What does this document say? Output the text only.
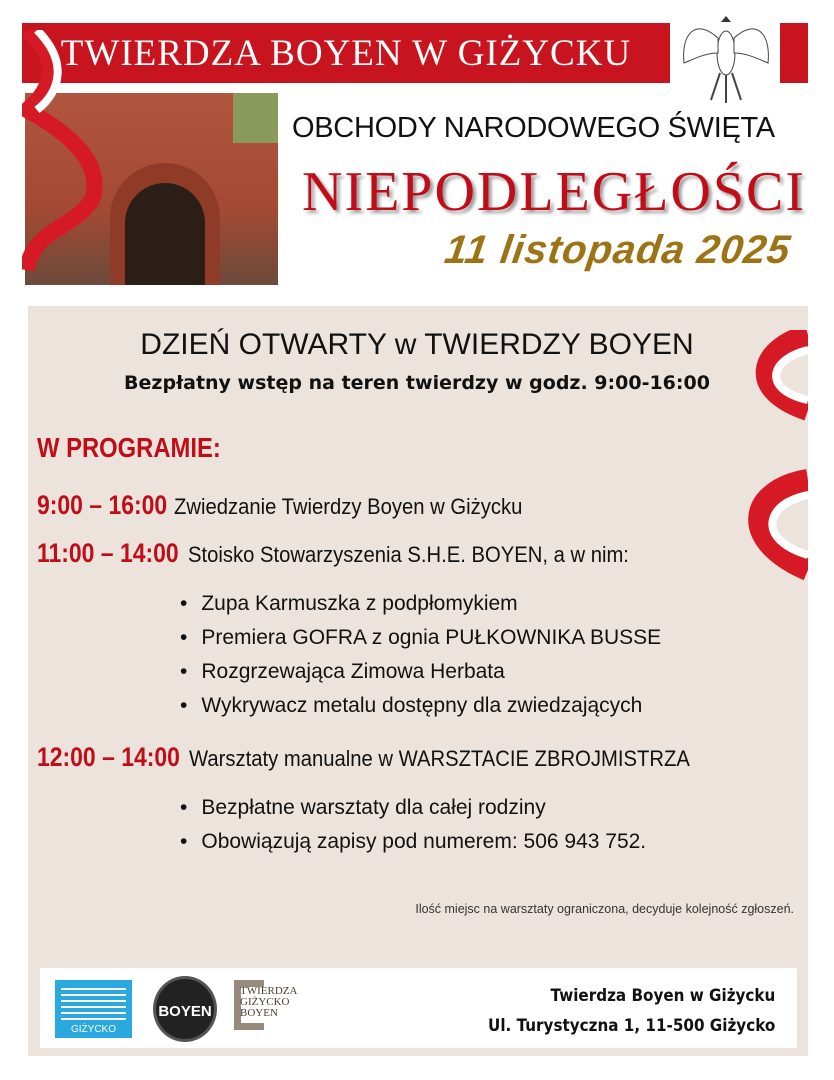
TWIERDZA BOYEN W GIŻYCKU
OBCHODY NARODOWEGO ŚWIĘTA
NIEPODLEGŁOŚCI
11 listopada 2025
DZIEŃ OTWARTY w TWIERDZY BOYEN
Bezpłatny wstęp na teren twierdzy w godz. 9:00-16:00
W PROGRAMIE:
9:00 – 16:00 Zwiedzanie Twierdzy Boyen w Giżycku
11:00 – 14:00 Stoisko Stowarzyszenia S.H.E. BOYEN, a w nim:
• Zupa Karmuszka z podpłomykiem
• Premiera GOFRA z ognia PUŁKOWNIKA BUSSE
• Rozgrzewająca Zimowa Herbata
• Wykrywacz metalu dostępny dla zwiedzających
12:00 – 14:00 Warsztaty manualne w WARSZTACIE ZBROJMISTRZA
• Bezpłatne warsztaty dla całej rodziny
• Obowiązują zapisy pod numerem: 506 943 752.
Ilość miejsc na warsztaty ograniczona, decyduje kolejność zgłoszeń.
GIŻYCKO
BOYEN
TWIERDZA GIŻYCKO BOYEN
Twierdza Boyen w Giżycku
Ul. Turystyczna 1, 11-500 Giżycko
